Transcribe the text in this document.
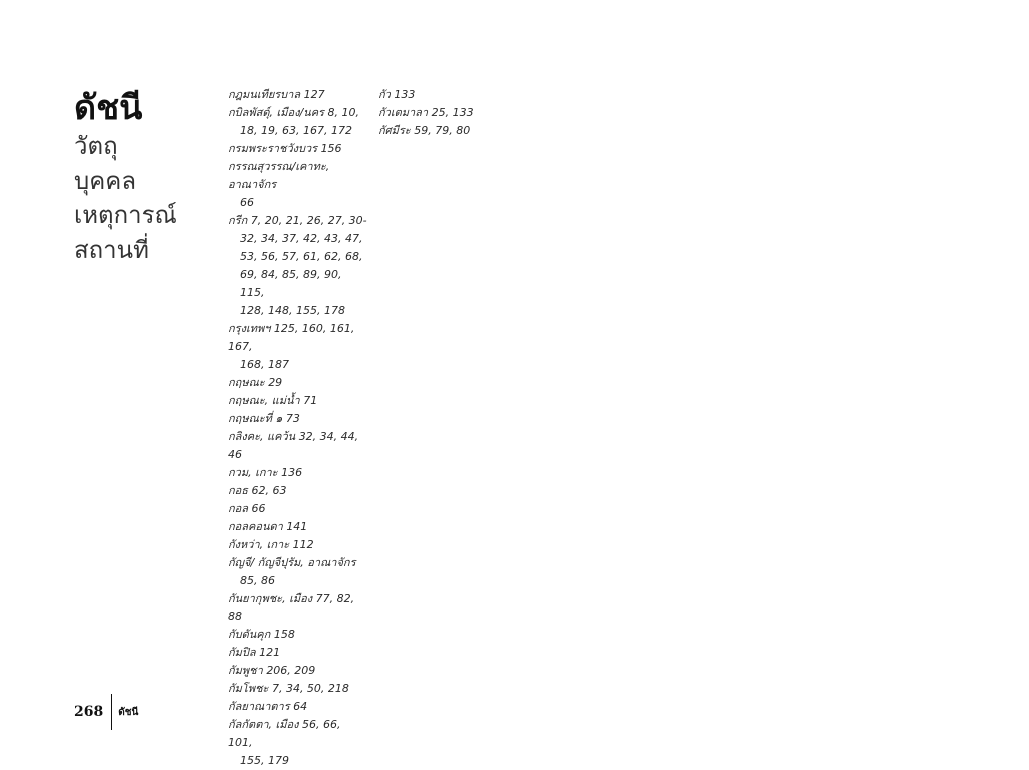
ดัชนี
วัตถุ
บุคคล
เหตุการณ์
สถานที่
กฎมนเทียรบาล 127
กบิลพัสดุ์, เมือง/นคร 8, 10,
18, 19, 63, 167, 172
กรมพระราชวังบวร 156
กรรณสุวรรณ/เคาทะ, อาณาจักร
66
กรีก 7, 20, 21, 26, 27, 30-
32, 34, 37, 42, 43, 47,
53, 56, 57, 61, 62, 68,
69, 84, 85, 89, 90, 115,
128, 148, 155, 178
กรุงเทพฯ 125, 160, 161, 167,
168, 187
กฤษณะ 29
กฤษณะ, แม่น้ำ 71
กฤษณะที่ ๑ 73
กลิงคะ, แคว้น 32, 34, 44, 46
กวม, เกาะ 136
กอธ 62, 63
กอล 66
กอลคอนดา 141
กังหว่า, เกาะ 112
กัญจี/ กัญจีปุรัม, อาณาจักร
85, 86
กันยากุพชะ, เมือง 77, 82, 88
กับดันคุก 158
กัมปิล 121
กัมพูชา 206, 209
กัมโพชะ 7, 34, 50, 218
กัลยาณาตาร 64
กัลกัตตา, เมือง 56, 66, 101,
155, 179
กัว 133
กัวเตมาลา 25, 133
กัศมีระ 59, 79, 80
268 ดัชนี
